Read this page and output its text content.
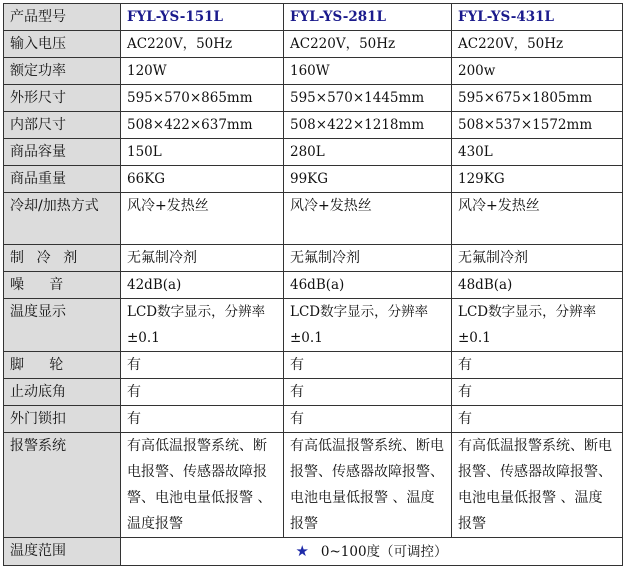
产品型号	FYL-YS-151L	FYL-YS-281L	FYL-YS-431L
输入电压	AC220V，50Hz	AC220V，50Hz	AC220V，50Hz
额定功率	120W	160W	200w
外形尺寸	595×570×865mm	595×570×1445mm	595×675×1805mm
内部尺寸	508×422×637mm	508×422×1218mm	508×537×1572mm
商品容量	150L	280L	430L
商品重量	66KG	99KG	129KG

冷却/加热方式	风冷+发热丝	风冷+发热丝	风冷+发热丝
制冷剂	无氟制冷剂	无氟制冷剂	无氟制冷剂
噪音	42dB(a)	46dB(a)	48dB(a)
温度显示	LCD数字显示，分辨率±0.1	LCD数字显示，分辨率±0.1	LCD数字显示，分辨率±0.1

脚轮	有	有	有
止动底角	有	有	有
外门锁扣	有	有	有
报警系统	有高低温报警系统、断电报警、传感器故障报警、电池电量低报警 、温度报警	有高低温报警系统、断电报警、传感器故障报警、电池电量低报警 、温度报警	有高低温报警系统、断电报警、传感器故障报警、电池电量低报警 、温度报警

温度范围	★ 0~100度（可调控）		
